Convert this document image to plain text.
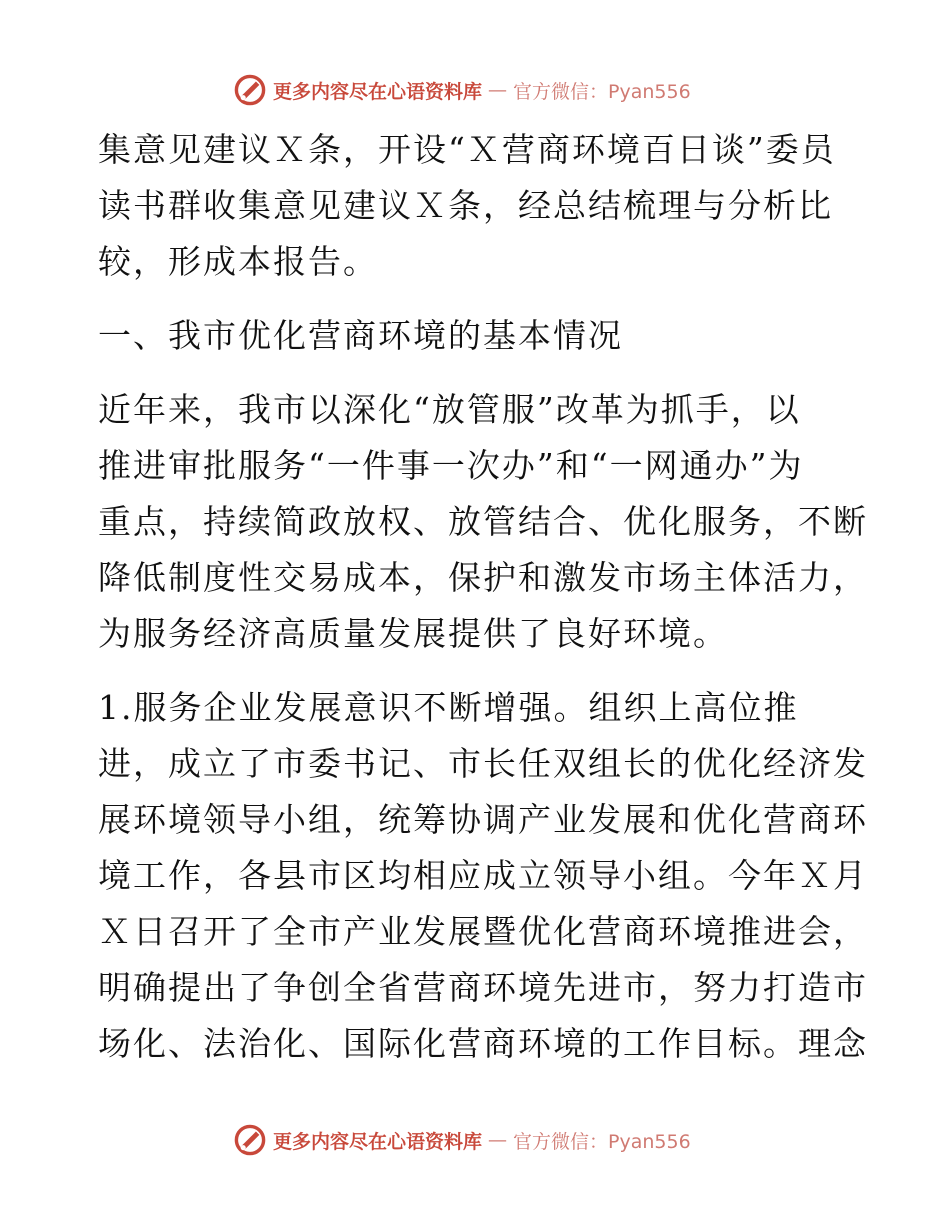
更多内容尽在心语资料库 — 官方微信：Pyan556
集意见建议Ｘ条，开设“Ｘ营商环境百日谈”委员
读书群收集意见建议Ｘ条，经总结梳理与分析比
较，形成本报告。
一、我市优化营商环境的基本情况
近年来，我市以深化“放管服”改革为抓手，以
推进审批服务“一件事一次办”和“一网通办”为
重点，持续简政放权、放管结合、优化服务，不断
降低制度性交易成本，保护和激发市场主体活力，
为服务经济高质量发展提供了良好环境。
1.服务企业发展意识不断增强。组织上高位推
进，成立了市委书记、市长任双组长的优化经济发
展环境领导小组，统筹协调产业发展和优化营商环
境工作，各县市区均相应成立领导小组。今年Ｘ月
Ｘ日召开了全市产业发展暨优化营商环境推进会，
明确提出了争创全省营商环境先进市，努力打造市
场化、法治化、国际化营商环境的工作目标。理念
更多内容尽在心语资料库 — 官方微信：Pyan556
